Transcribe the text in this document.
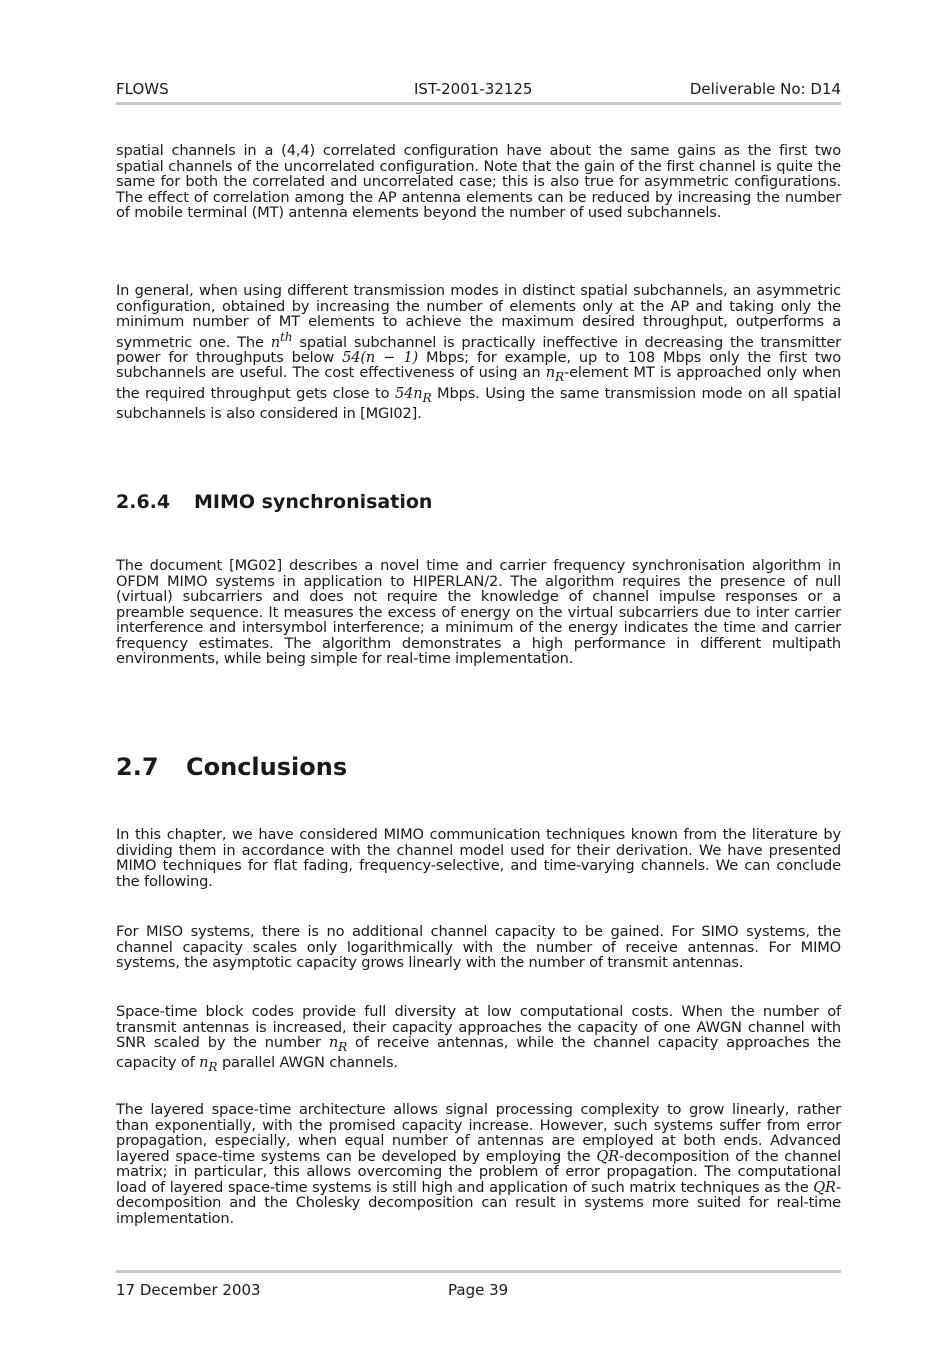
FLOWS	IST-2001-32125	Deliverable No: D14

spatial channels in a (4,4) correlated configuration have about the same gains as the first two spatial channels of the uncorrelated configuration. Note that the gain of the first channel is quite the same for both the correlated and uncorrelated case; this is also true for asymmetric configurations. The effect of correlation among the AP antenna elements can be reduced by increasing the number of mobile terminal (MT) antenna elements beyond the number of used subchannels.

In general, when using different transmission modes in distinct spatial subchannels, an asymmetric configuration, obtained by increasing the number of elements only at the AP and taking only the minimum number of MT elements to achieve the maximum desired throughput, outperforms a symmetric one. The $n^{th}$ spatial subchannel is practically ineffective in decreasing the transmitter power for throughputs below 54(n − 1) Mbps; for example, up to 108 Mbps only the first two subchannels are useful. The cost effectiveness of using an $n_R$-element MT is approached only when the required throughput gets close to $54n_R$ Mbps. Using the same transmission mode on all spatial subchannels is also considered in [MGI02].

2.6.4 MIMO synchronisation

The document [MG02] describes a novel time and carrier frequency synchronisation algorithm in OFDM MIMO systems in application to HIPERLAN/2. The algorithm requires the presence of null (virtual) subcarriers and does not require the knowledge of channel impulse responses or a preamble sequence. It measures the excess of energy on the virtual subcarriers due to inter carrier interference and intersymbol interference; a minimum of the energy indicates the time and carrier frequency estimates. The algorithm demonstrates a high performance in different multipath environments, while being simple for real-time implementation.

2.7 Conclusions

In this chapter, we have considered MIMO communication techniques known from the literature by dividing them in accordance with the channel model used for their derivation. We have presented MIMO techniques for flat fading, frequency-selective, and time-varying channels. We can conclude the following.

For MISO systems, there is no additional channel capacity to be gained. For SIMO systems, the channel capacity scales only logarithmically with the number of receive antennas. For MIMO systems, the asymptotic capacity grows linearly with the number of transmit antennas.

Space-time block codes provide full diversity at low computational costs. When the number of transmit antennas is increased, their capacity approaches the capacity of one AWGN channel with SNR scaled by the number $n_R$ of receive antennas, while the channel capacity approaches the capacity of $n_R$ parallel AWGN channels.

The layered space-time architecture allows signal processing complexity to grow linearly, rather than exponentially, with the promised capacity increase. However, such systems suffer from error propagation, especially, when equal number of antennas are employed at both ends. Advanced layered space-time systems can be developed by employing the QR-decomposition of the channel matrix; in particular, this allows overcoming the problem of error propagation. The computational load of layered space-time systems is still high and application of such matrix techniques as the QR-decomposition and the Cholesky decomposition can result in systems more suited for real-time implementation.

17 December 2003	Page 39
